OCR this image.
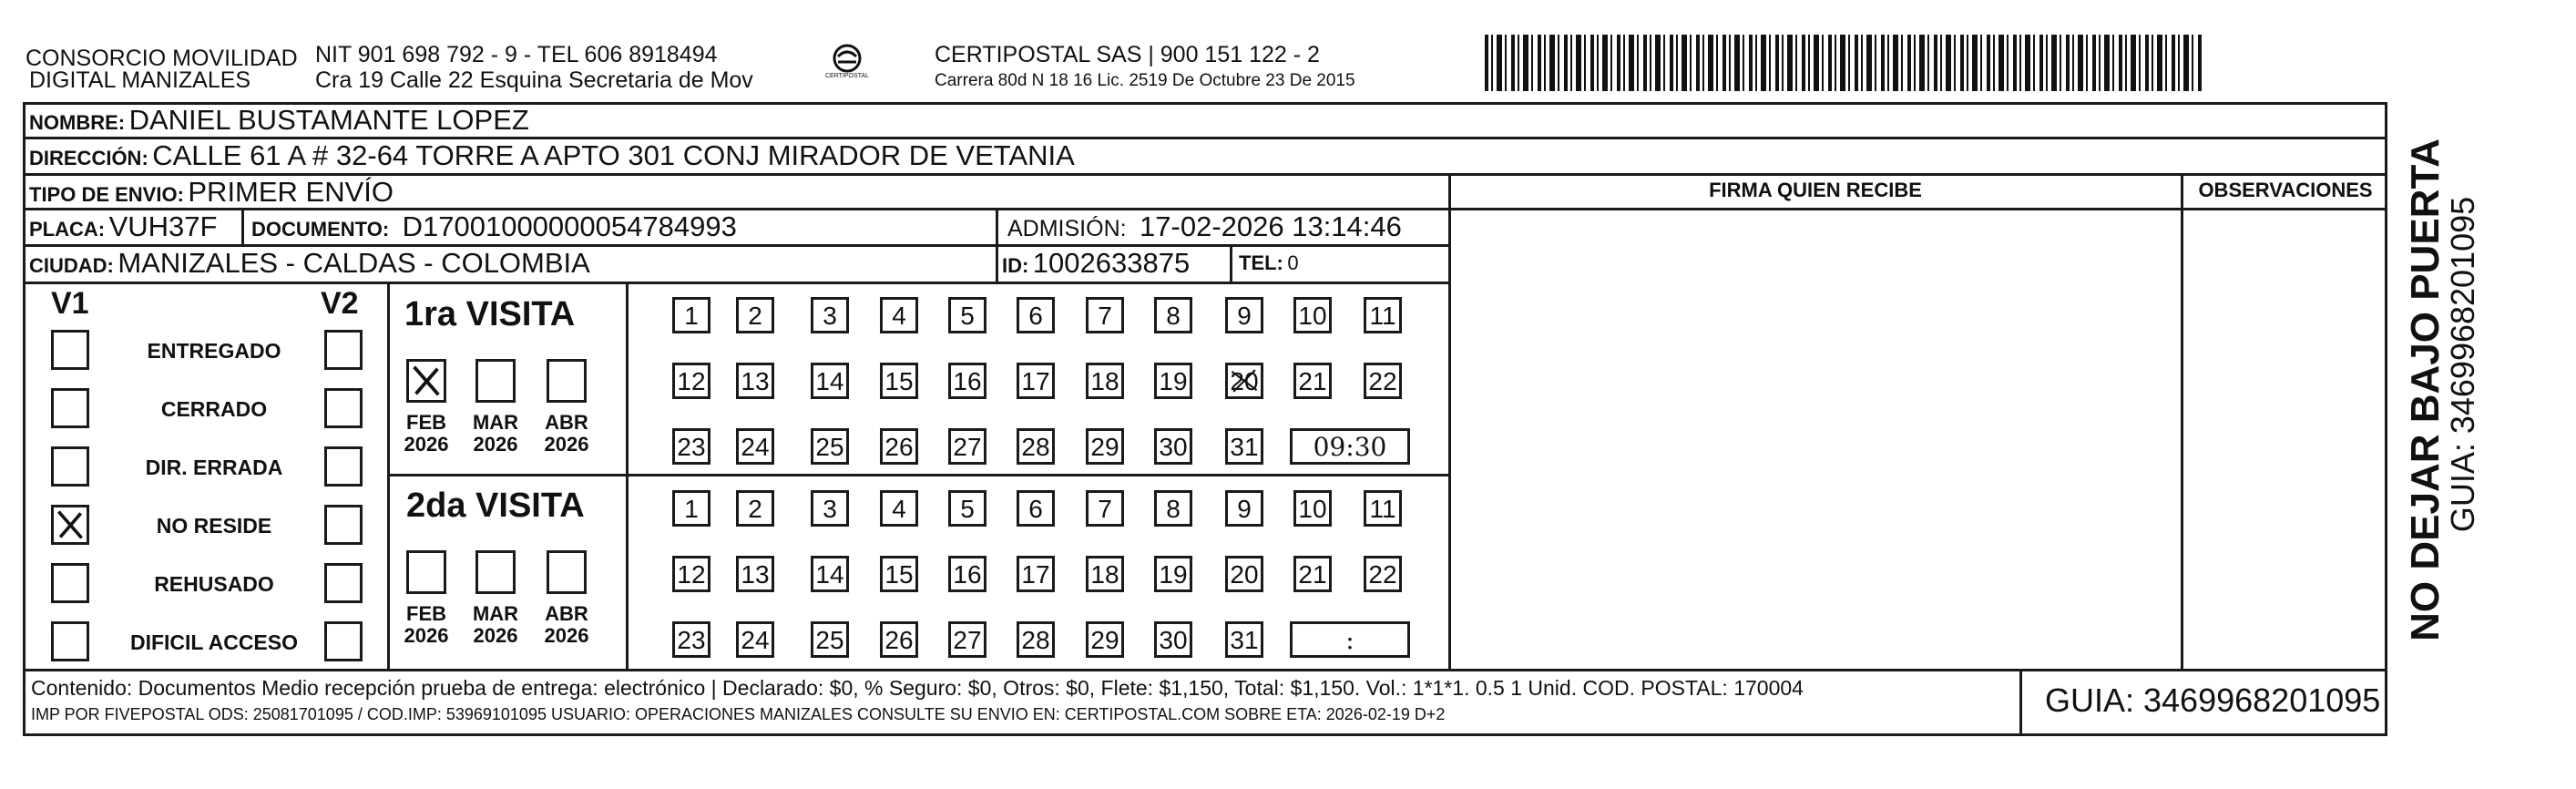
CONSORCIO MOVILIDAD
DIGITAL MANIZALES
NIT 901 698 792 - 9 - TEL 606 8918494
Cra 19 Calle 22 Esquina Secretaria de Mov	CERTIPOSTAL
CERTIPOSTAL SAS | 900 151 122 - 2
Carrera 80d N 18 16 Lic. 2519 De Octubre 23 De 2015
NOMBRE: DANIEL BUSTAMANTE LOPEZ
DIRECCIÓN: CALLE 61 A # 32-64 TORRE A APTO 301 CONJ MIRADOR DE VETANIA
TIPO DE ENVIO: PRIMER ENVÍO
PLACA: VUH37F DOCUMENTO: D17001000000054784993	ADMISIÓN: 17-02-2026 13:14:46
CIUDAD: MANIZALES - CALDAS - COLOMBIA	ID: 1002633875 TEL: 0
FIRMA QUIEN RECIBE	OBSERVACIONES
V1	V2
ENTREGADO
CERRADO
DIR. ERRADA
NO RESIDE
REHUSADO
DIFICIL ACCESO
1ra VISITA
2da VISITA
FEB
2026
MAR
2026
ABR
2026
FEB
2026
MAR
2026
ABR
2026
1	2	3	4	5	6	7	8	9	10 11
12 13 14 15 16 17 18 19 20 21 22
23 24 25 26 27 28 29 30 31	09:30
1	2	3	4	5	6	7	8	9	10 11
12 13 14 15 16 17 18 19 20 21 22
23 24 25 26 27 28 29 30 31	:
Contenido: Documentos Medio recepción prueba de entrega: electrónico | Declarado: $0, % Seguro: $0, Otros: $0, Flete: $1,150, Total: $1,150. Vol.: 1*1*1. 0.5 1 Unid. COD. POSTAL: 170004
IMP POR FIVEPOSTAL ODS: 25081701095 / COD.IMP: 53969101095 USUARIO: OPERACIONES MANIZALES CONSULTE SU ENVIO EN: CERTIPOSTAL.COM SOBRE ETA: 2026-02-19 D+2	GUIA: 3469968201095
NO DEJAR BAJO PUERTA
GUIA: 3469968201095
